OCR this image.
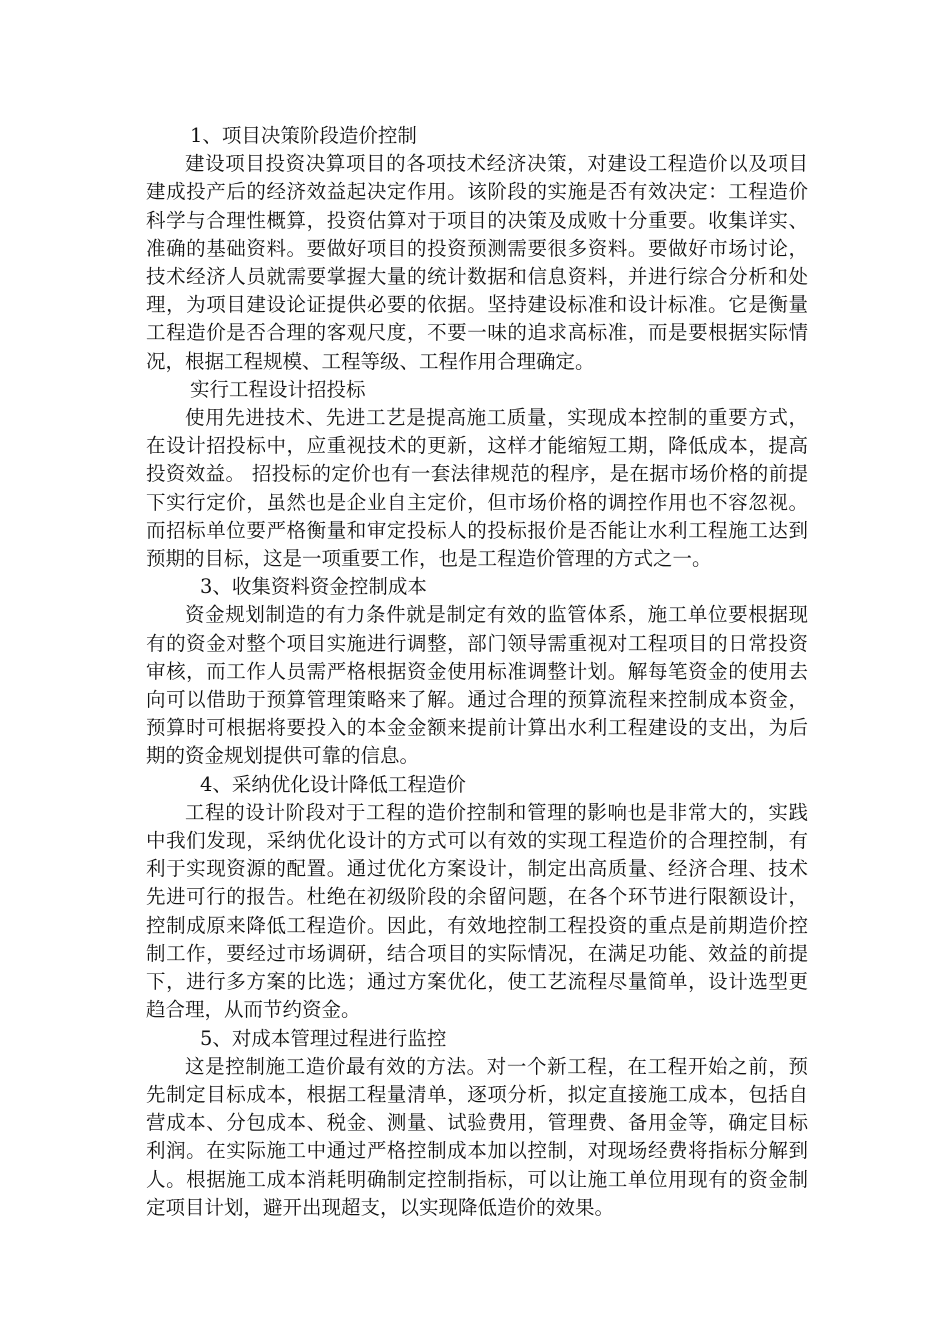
1、项目决策阶段造价控制

建设项目投资决算项目的各项技术经济决策，对建设工程造价以及项目建成投产后的经济效益起决定作用。该阶段的实施是否有效决定：工程造价科学与合理性概算，投资估算对于项目的决策及成败十分重要。收集详实、准确的基础资料。要做好项目的投资预测需要很多资料。要做好市场讨论，技术经济人员就需要掌握大量的统计数据和信息资料，并进行综合分析和处理，为项目建设论证提供必要的依据。坚持建设标准和设计标准。它是衡量工程造价是否合理的客观尺度，不要一味的追求高标准，而是要根据实际情况，根据工程规模、工程等级、工程作用合理确定。

实行工程设计招投标

使用先进技术、先进工艺是提高施工质量，实现成本控制的重要方式，在设计招投标中，应重视技术的更新，这样才能缩短工期，降低成本，提高投资效益。 招投标的定价也有一套法律规范的程序，是在据市场价格的前提下实行定价，虽然也是企业自主定价，但市场价格的调控作用也不容忽视。而招标单位要严格衡量和审定投标人的投标报价是否能让水利工程施工达到预期的目标，这是一项重要工作，也是工程造价管理的方式之一。

3、收集资料资金控制成本

资金规划制造的有力条件就是制定有效的监管体系，施工单位要根据现有的资金对整个项目实施进行调整，部门领导需重视对工程项目的日常投资审核，而工作人员需严格根据资金使用标准调整计划。解每笔资金的使用去向可以借助于预算管理策略来了解。通过合理的预算流程来控制成本资金，预算时可根据将要投入的本金金额来提前计算出水利工程建设的支出，为后期的资金规划提供可靠的信息。

4、采纳优化设计降低工程造价

工程的设计阶段对于工程的造价控制和管理的影响也是非常大的，实践中我们发现，采纳优化设计的方式可以有效的实现工程造价的合理控制，有利于实现资源的配置。通过优化方案设计，制定出高质量、经济合理、技术先进可行的报告。杜绝在初级阶段的余留问题，在各个环节进行限额设计，控制成原来降低工程造价。因此，有效地控制工程投资的重点是前期造价控制工作，要经过市场调研，结合项目的实际情况，在满足功能、效益的前提下，进行多方案的比选；通过方案优化，使工艺流程尽量简单，设计选型更趋合理，从而节约资金。

5、对成本管理过程进行监控

这是控制施工造价最有效的方法。对一个新工程，在工程开始之前，预先制定目标成本，根据工程量清单，逐项分析，拟定直接施工成本，包括自营成本、分包成本、税金、测量、试验费用，管理费、备用金等，确定目标利润。在实际施工中通过严格控制成本加以控制，对现场经费将指标分解到人。根据施工成本消耗明确制定控制指标，可以让施工单位用现有的资金制定项目计划，避开出现超支，以实现降低造价的效果。
